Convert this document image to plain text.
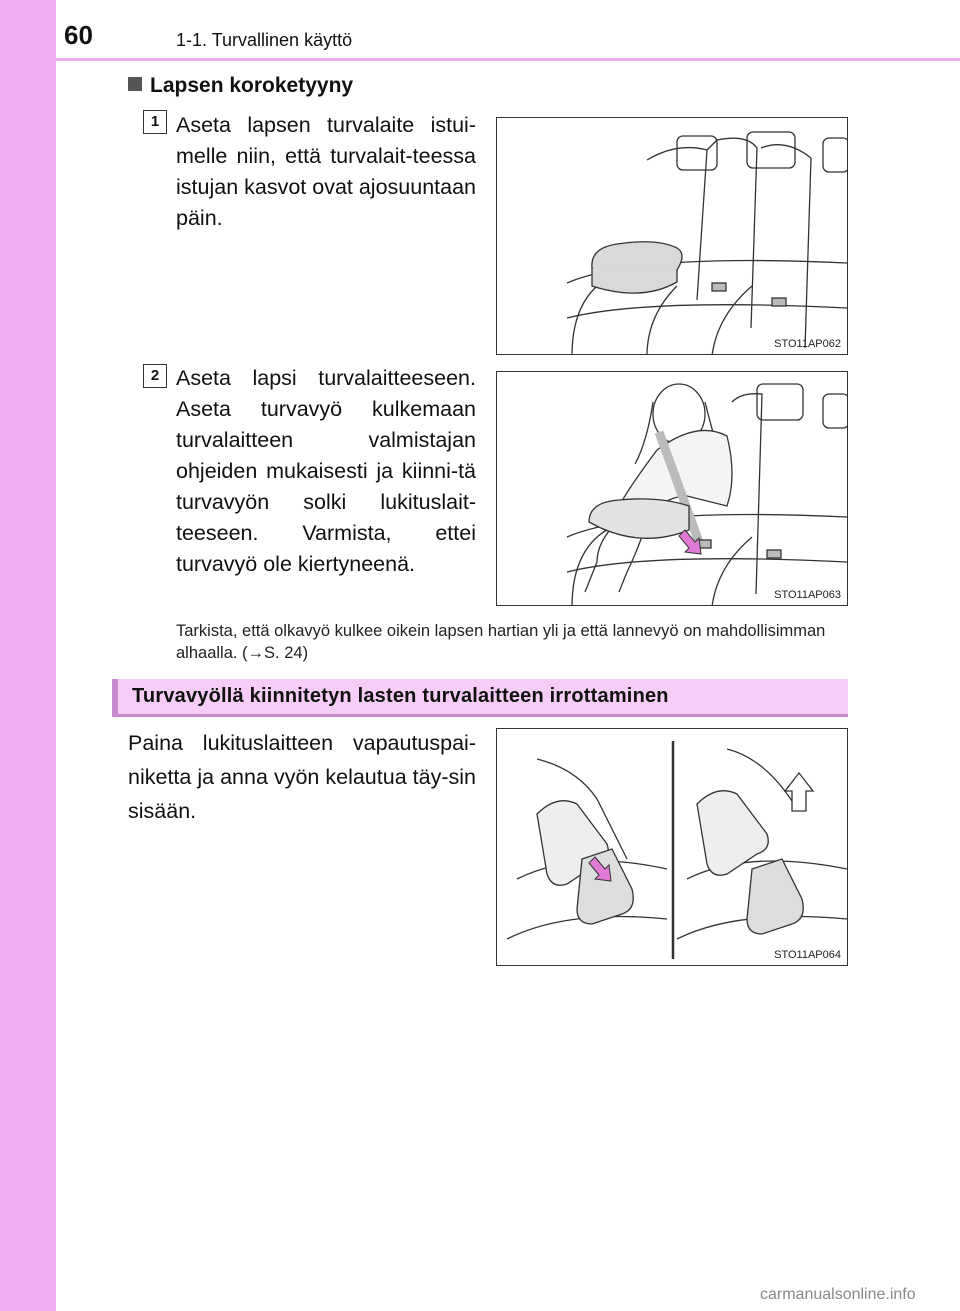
60	1-1. Turvallinen käyttö
Lapsen koroketyyny
1 Aseta lapsen turvalaite istui-melle niin, että turvalait-teessa istujan kasvot ovat ajosuuntaan päin.
STO11AP062
2 Aseta lapsi turvalaitteeseen. Aseta turvavyö kulkemaan turvalaitteen valmistajan ohjeiden mukaisesti ja kiinni-tä turvavyön solki lukituslait-teeseen. Varmista, ettei turvavyö ole kiertyneenä.
STO11AP063
Tarkista, että olkavyö kulkee oikein lapsen hartian yli ja että lannevyö on mahdollisimman alhaalla. (→S. 24)
Turvavyöllä kiinnitetyn lasten turvalaitteen irrottaminen
Paina lukituslaitteen vapautuspai-niketta ja anna vyön kelautua täy-sin sisään.
STO11AP064
carmanualsonline.info
